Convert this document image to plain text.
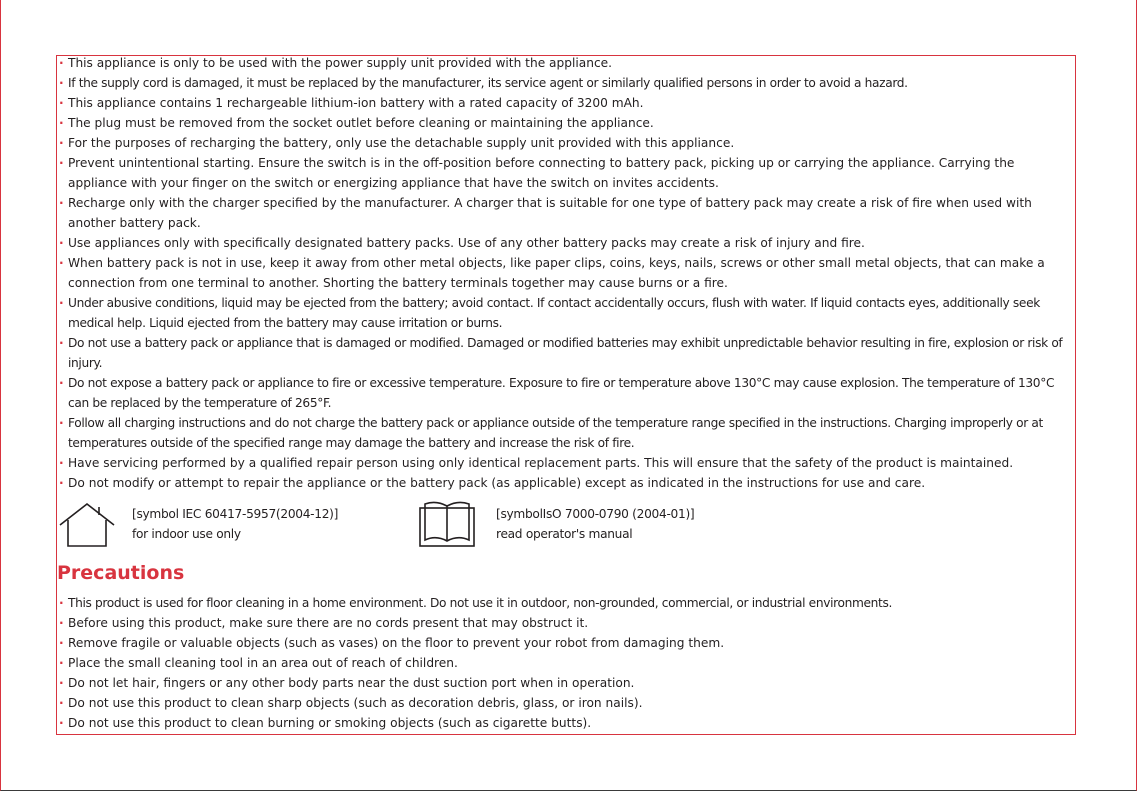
· This appliance is only to be used with the power supply unit provided with the appliance.
· If the supply cord is damaged, it must be replaced by the manufacturer, its service agent or similarly qualified persons in order to avoid a hazard.
· This appliance contains 1 rechargeable lithium-ion battery with a rated capacity of 3200 mAh.
· The plug must be removed from the socket outlet before cleaning or maintaining the appliance.
· For the purposes of recharging the battery, only use the detachable supply unit provided with this appliance.
· Prevent unintentional starting. Ensure the switch is in the off-position before connecting to battery pack, picking up or carrying the appliance. Carrying the appliance with your finger on the switch or energizing appliance that have the switch on invites accidents.
· Recharge only with the charger specified by the manufacturer. A charger that is suitable for one type of battery pack may create a risk of fire when used with another battery pack.
· Use appliances only with specifically designated battery packs. Use of any other battery packs may create a risk of injury and fire.
· When battery pack is not in use, keep it away from other metal objects, like paper clips, coins, keys, nails, screws or other small metal objects, that can make a connection from one terminal to another. Shorting the battery terminals together may cause burns or a fire.
· Under abusive conditions, liquid may be ejected from the battery; avoid contact. If contact accidentally occurs, flush with water. If liquid contacts eyes, additionally seek medical help. Liquid ejected from the battery may cause irritation or burns.
· Do not use a battery pack or appliance that is damaged or modified. Damaged or modified batteries may exhibit unpredictable behavior resulting in fire, explosion or risk of injury.
· Do not expose a battery pack or appliance to fire or excessive temperature. Exposure to fire or temperature above 130°C may cause explosion. The temperature of 130°C can be replaced by the temperature of 265°F.
· Follow all charging instructions and do not charge the battery pack or appliance outside of the temperature range specified in the instructions. Charging improperly or at temperatures outside of the specified range may damage the battery and increase the risk of fire.
· Have servicing performed by a qualified repair person using only identical replacement parts. This will ensure that the safety of the product is maintained.
· Do not modify or attempt to repair the appliance or the battery pack (as applicable) except as indicated in the instructions for use and care.
[symbol IEC 60417-5957(2004-12)]
for indoor use only
[symbolIsO 7000-0790 (2004-01)]
read operator's manual
Precautions
· This product is used for floor cleaning in a home environment. Do not use it in outdoor, non-grounded, commercial, or industrial environments.
· Before using this product, make sure there are no cords present that may obstruct it.
· Remove fragile or valuable objects (such as vases) on the floor to prevent your robot from damaging them.
· Place the small cleaning tool in an area out of reach of children.
· Do not let hair, fingers or any other body parts near the dust suction port when in operation.
· Do not use this product to clean sharp objects (such as decoration debris, glass, or iron nails).
· Do not use this product to clean burning or smoking objects (such as cigarette butts).
